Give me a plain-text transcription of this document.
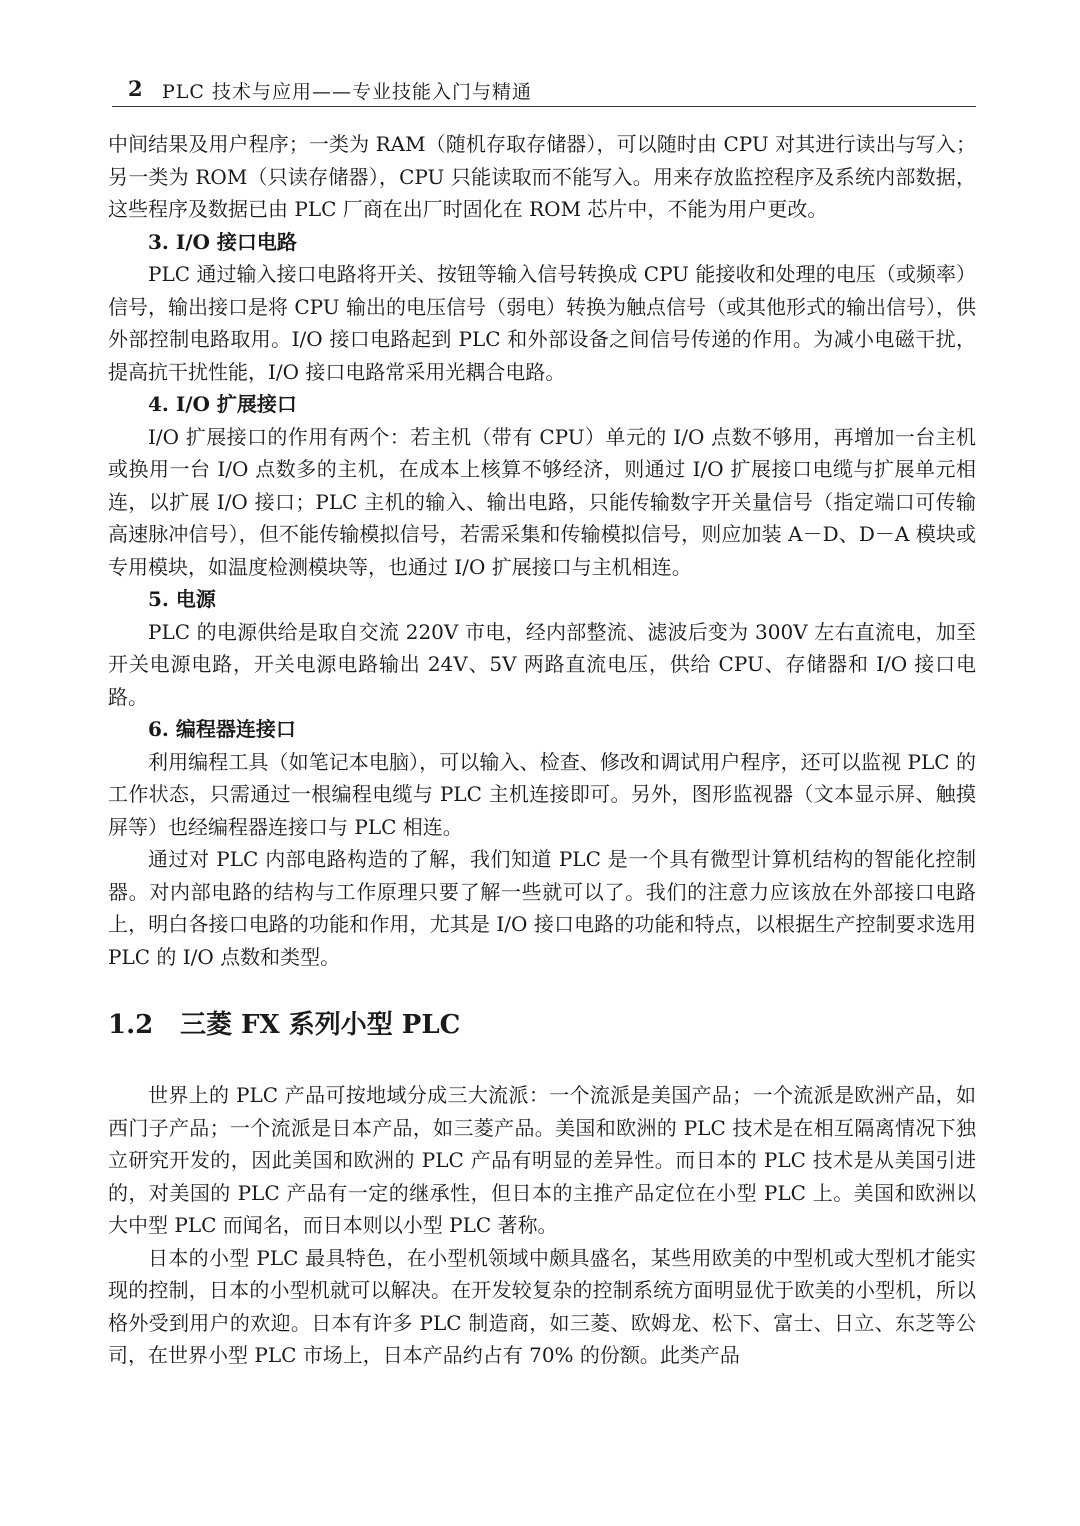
2 PLC 技术与应用——专业技能入门与精通

中间结果及用户程序；一类为 RAM（随机存取存储器），可以随时由 CPU 对其进行读出与写入；另一类为 ROM（只读存储器），CPU 只能读取而不能写入。用来存放监控程序及系统内部数据，这些程序及数据已由 PLC 厂商在出厂时固化在 ROM 芯片中，不能为用户更改。

3. I/O 接口电路

PLC 通过输入接口电路将开关、按钮等输入信号转换成 CPU 能接收和处理的电压（或频率）信号，输出接口是将 CPU 输出的电压信号（弱电）转换为触点信号（或其他形式的输出信号），供外部控制电路取用。I/O 接口电路起到 PLC 和外部设备之间信号传递的作用。为减小电磁干扰，提高抗干扰性能，I/O 接口电路常采用光耦合电路。

4. I/O 扩展接口

I/O 扩展接口的作用有两个：若主机（带有 CPU）单元的 I/O 点数不够用，再增加一台主机或换用一台 I/O 点数多的主机，在成本上核算不够经济，则通过 I/O 扩展接口电缆与扩展单元相连，以扩展 I/O 接口；PLC 主机的输入、输出电路，只能传输数字开关量信号（指定端口可传输高速脉冲信号），但不能传输模拟信号，若需采集和传输模拟信号，则应加装 A－D、D－A 模块或专用模块，如温度检测模块等，也通过 I/O 扩展接口与主机相连。

5. 电源

PLC 的电源供给是取自交流 220V 市电，经内部整流、滤波后变为 300V 左右直流电，加至开关电源电路，开关电源电路输出 24V、5V 两路直流电压，供给 CPU、存储器和 I/O 接口电路。

6. 编程器连接口

利用编程工具（如笔记本电脑），可以输入、检查、修改和调试用户程序，还可以监视 PLC 的工作状态，只需通过一根编程电缆与 PLC 主机连接即可。另外，图形监视器（文本显示屏、触摸屏等）也经编程器连接口与 PLC 相连。

通过对 PLC 内部电路构造的了解，我们知道 PLC 是一个具有微型计算机结构的智能化控制器。对内部电路的结构与工作原理只要了解一些就可以了。我们的注意力应该放在外部接口电路上，明白各接口电路的功能和作用，尤其是 I/O 接口电路的功能和特点，以根据生产控制要求选用 PLC 的 I/O 点数和类型。

1.2 三菱 FX 系列小型 PLC

世界上的 PLC 产品可按地域分成三大流派：一个流派是美国产品；一个流派是欧洲产品，如西门子产品；一个流派是日本产品，如三菱产品。美国和欧洲的 PLC 技术是在相互隔离情况下独立研究开发的，因此美国和欧洲的 PLC 产品有明显的差异性。而日本的 PLC 技术是从美国引进的，对美国的 PLC 产品有一定的继承性，但日本的主推产品定位在小型 PLC 上。美国和欧洲以大中型 PLC 而闻名，而日本则以小型 PLC 著称。

日本的小型 PLC 最具特色，在小型机领域中颇具盛名，某些用欧美的中型机或大型机才能实现的控制，日本的小型机就可以解决。在开发较复杂的控制系统方面明显优于欧美的小型机，所以格外受到用户的欢迎。日本有许多 PLC 制造商，如三菱、欧姆龙、松下、富士、日立、东芝等公司，在世界小型 PLC 市场上，日本产品约占有 70% 的份额。此类产品
